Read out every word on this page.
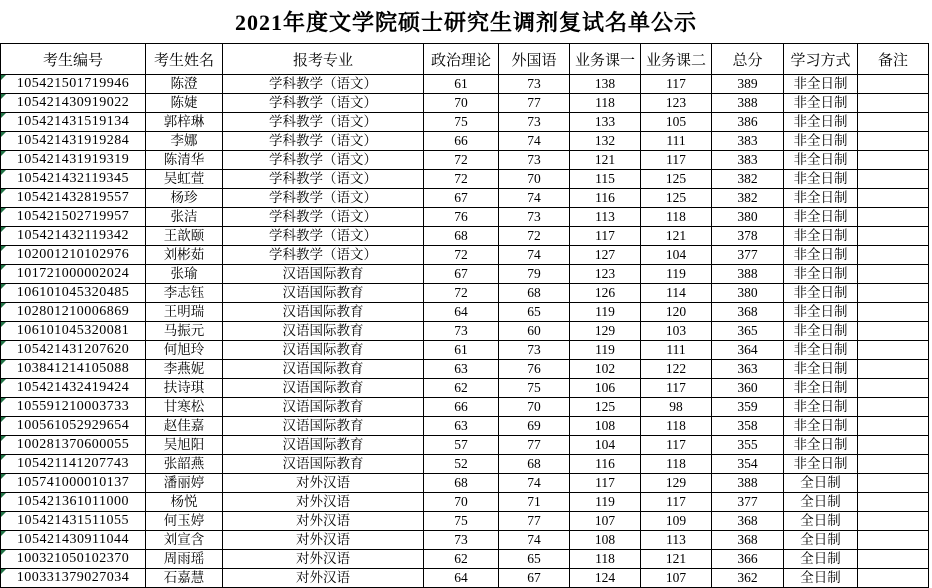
2021年度文学院硕士研究生调剂复试名单公示
考生编号	考生姓名	报考专业	政治理论	外国语	业务课一	业务课二	总分	学习方式	备注

105421501719946	陈澄	学科教学（语文）	61	73	138	117	389	非全日制	

105421430919022	陈婕	学科教学（语文）	70	77	118	123	388	非全日制	

105421431519134	郭梓琳	学科教学（语文）	75	73	133	105	386	非全日制	

105421431919284	李娜	学科教学（语文）	66	74	132	111	383	非全日制	

105421431919319	陈清华	学科教学（语文）	72	73	121	117	383	非全日制	

105421432119345	吴虹萱	学科教学（语文）	72	70	115	125	382	非全日制	

105421432819557	杨珍	学科教学（语文）	67	74	116	125	382	非全日制	

105421502719957	张洁	学科教学（语文）	76	73	113	118	380	非全日制	

105421432119342	王歆颐	学科教学（语文）	68	72	117	121	378	非全日制	

102001210102976	刘彬茹	学科教学（语文）	72	74	127	104	377	非全日制	

101721000002024	张瑜	汉语国际教育	67	79	123	119	388	非全日制	

106101045320485	李志钰	汉语国际教育	72	68	126	114	380	非全日制	

102801210006869	王明瑞	汉语国际教育	64	65	119	120	368	非全日制	

106101045320081	马振元	汉语国际教育	73	60	129	103	365	非全日制	

105421431207620	何旭玲	汉语国际教育	61	73	119	111	364	非全日制	

103841214105088	李燕妮	汉语国际教育	63	76	102	122	363	非全日制	

105421432419424	扶诗琪	汉语国际教育	62	75	106	117	360	非全日制	

105591210003733	甘寒松	汉语国际教育	66	70	125	98	359	非全日制	

100561052929654	赵佳嘉	汉语国际教育	63	69	108	118	358	非全日制	

100281370600055	吴旭阳	汉语国际教育	57	77	104	117	355	非全日制	

105421141207743	张韶燕	汉语国际教育	52	68	116	118	354	非全日制	

105741000010137	潘丽婷	对外汉语	68	74	117	129	388	全日制	

105421361011000	杨悦	对外汉语	70	71	119	117	377	全日制	

105421431511055	何玉婷	对外汉语	75	77	107	109	368	全日制	

105421430911044	刘宣含	对外汉语	73	74	108	113	368	全日制	

100321050102370	周雨瑶	对外汉语	62	65	118	121	366	全日制	

100331379027034	石嘉慧	对外汉语	64	67	124	107	362	全日制	
